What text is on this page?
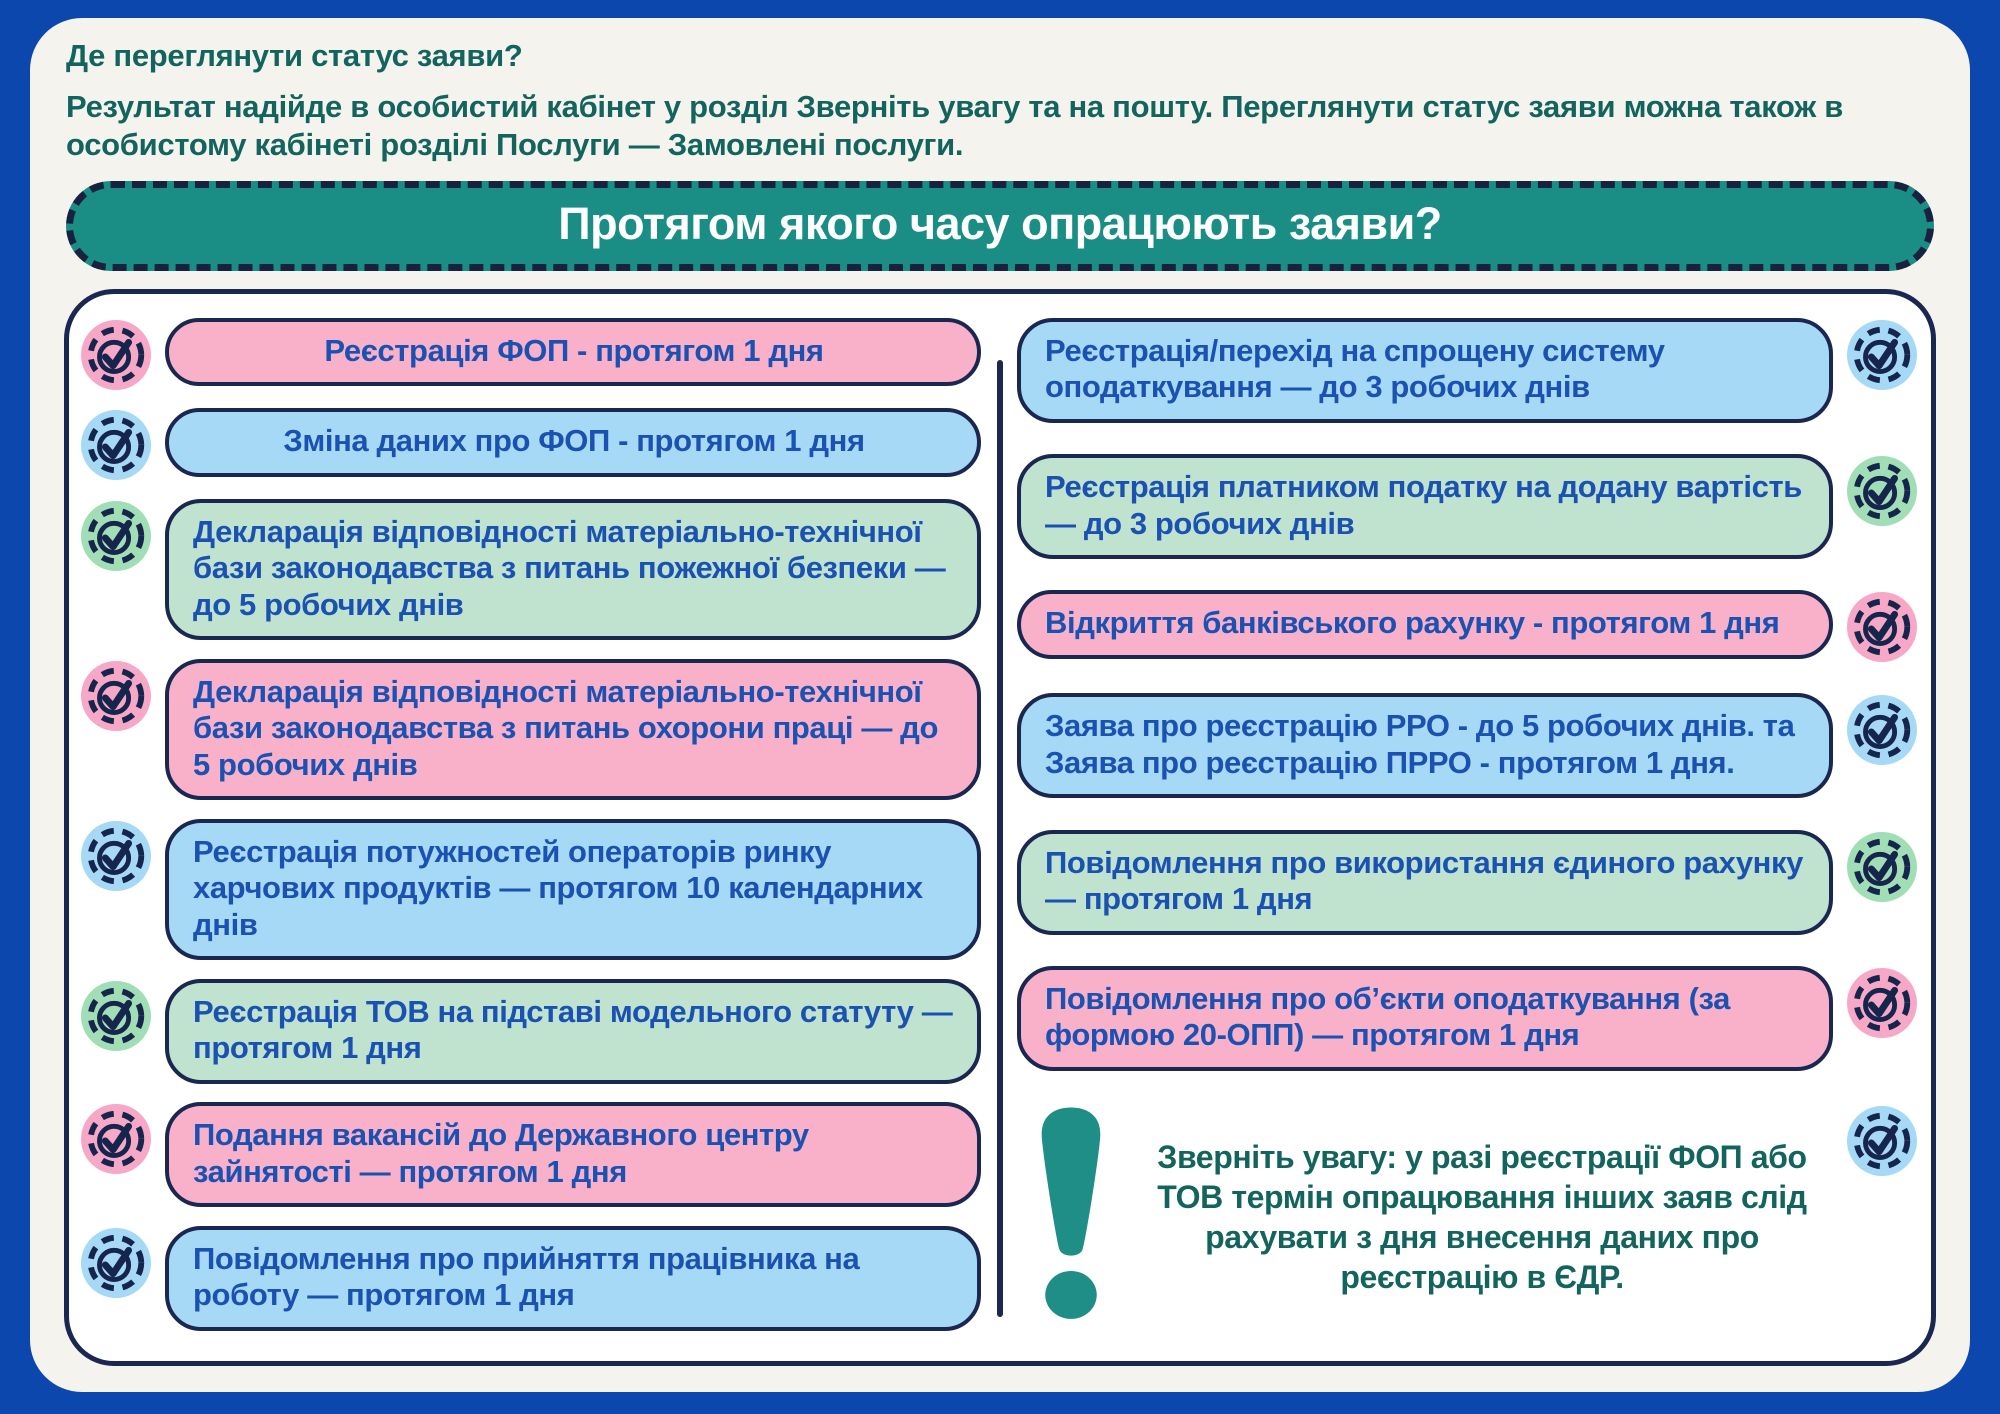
Де переглянути статус заяви?
Результат надійде в особистий кабінет у розділ Зверніть увагу та на пошту. Переглянути статус заяви можна також в особистому кабінеті розділі Послуги — Замовлені послуги.
Протягом якого часу опрацюють заяви?
Реєстрація ФОП - протягом 1 дня
Зміна даних про ФОП - протягом 1 дня
Декларація відповідності матеріально-технічної бази законодавства з питань пожежної безпеки — до 5 робочих днів
Декларація відповідності матеріально-технічної бази законодавства з питань охорони праці — до 5 робочих днів
Реєстрація потужностей операторів ринку харчових продуктів — протягом 10 календарних днів
Реєстрація ТОВ на підставі модельного статуту — протягом 1 дня
Подання вакансій до Державного центру зайнятості — протягом 1 дня
Повідомлення про прийняття працівника на роботу — протягом 1 дня
Реєстрація/перехід на спрощену систему оподаткування — до 3 робочих днів
Реєстрація платником податку на додану вартість — до 3 робочих днів
Відкриття банківського рахунку - протягом 1 дня
Заява про реєстрацію РРО - до 5 робочих днів. та Заява про реєстрацію ПРРО - протягом 1 дня.
Повідомлення про використання єдиного рахунку — протягом 1 дня
Повідомлення про об’єкти оподаткування (за формою 20-ОПП) — протягом 1 дня
Зверніть увагу: у разі реєстрації ФОП або ТОВ термін опрацювання інших заяв слід рахувати з дня внесення даних про реєстрацію в ЄДР.
